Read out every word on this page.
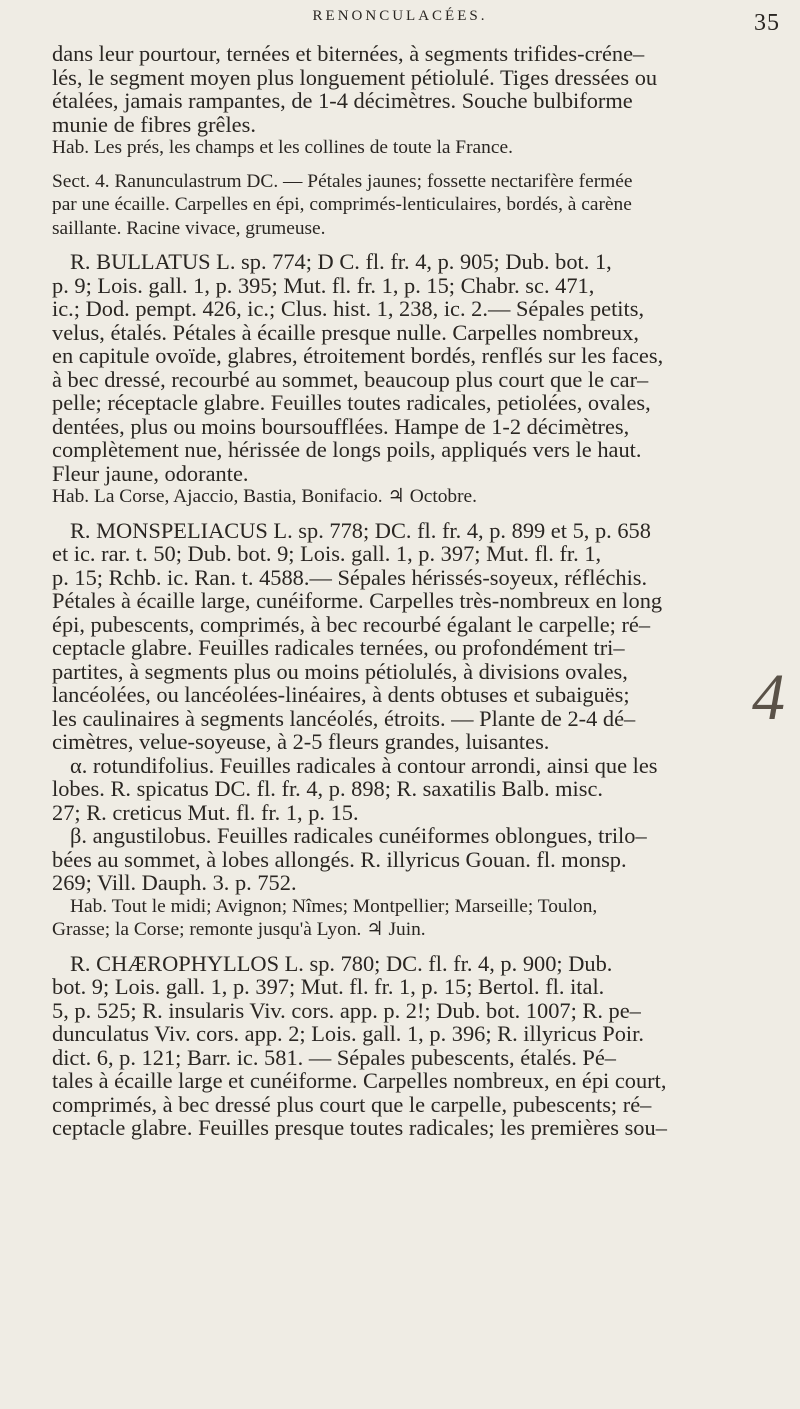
RENONCULACÉES.	35

dans leur pourtour, ternées et biternées, à segments trifides-créne–

lés, le segment moyen plus longuement pétiolulé. Tiges dressées ou

étalées, jamais rampantes, de 1-4 décimètres. Souche bulbiforme

munie de fibres grêles.

Hab. Les prés, les champs et les collines de toute la France.

Sect. 4. Ranunculastrum DC. — Pétales jaunes; fossette nectarifère fermée

par une écaille. Carpelles en épi, comprimés-lenticulaires, bordés, à carène

saillante. Racine vivace, grumeuse.

R. BULLATUS L. sp. 774; D C. fl. fr. 4, p. 905; Dub. bot. 1,

p. 9; Lois. gall. 1, p. 395; Mut. fl. fr. 1, p. 15; Chabr. sc. 471,

ic.; Dod. pempt. 426, ic.; Clus. hist. 1, 238, ic. 2.— Sépales petits,

velus, étalés. Pétales à écaille presque nulle. Carpelles nombreux,

en capitule ovoïde, glabres, étroitement bordés, renflés sur les faces,

à bec dressé, recourbé au sommet, beaucoup plus court que le car–

pelle; réceptacle glabre. Feuilles toutes radicales, petiolées, ovales,

dentées, plus ou moins boursoufflées. Hampe de 1-2 décimètres,

complètement nue, hérissée de longs poils, appliqués vers le haut.

Fleur jaune, odorante.

Hab. La Corse, Ajaccio, Bastia, Bonifacio. ♃ Octobre.

R. MONSPELIACUS L. sp. 778; DC. fl. fr. 4, p. 899 et 5, p. 658

et ic. rar. t. 50; Dub. bot. 9; Lois. gall. 1, p. 397; Mut. fl. fr. 1,

p. 15; Rchb. ic. Ran. t. 4588.— Sépales hérissés-soyeux, réfléchis.

Pétales à écaille large, cunéiforme. Carpelles très-nombreux en long

épi, pubescents, comprimés, à bec recourbé égalant le carpelle; ré–

ceptacle glabre. Feuilles radicales ternées, ou profondément tri–

partites, à segments plus ou moins pétiolulés, à divisions ovales,

lancéolées, ou lancéolées-linéaires, à dents obtuses et subaiguës;

les caulinaires à segments lancéolés, étroits. — Plante de 2-4 dé–

cimètres, velue-soyeuse, à 2-5 fleurs grandes, luisantes.

α. rotundifolius. Feuilles radicales à contour arrondi, ainsi que les

lobes. R. spicatus DC. fl. fr. 4, p. 898; R. saxatilis Balb. misc.

27; R. creticus Mut. fl. fr. 1, p. 15.

β. angustilobus. Feuilles radicales cunéiformes oblongues, trilo–

bées au sommet, à lobes allongés. R. illyricus Gouan. fl. monsp.

269; Vill. Dauph. 3. p. 752.

Hab. Tout le midi; Avignon; Nîmes; Montpellier; Marseille; Toulon,

Grasse; la Corse; remonte jusqu'à Lyon. ♃ Juin.

R. CHÆROPHYLLOS L. sp. 780; DC. fl. fr. 4, p. 900; Dub.

bot. 9; Lois. gall. 1, p. 397; Mut. fl. fr. 1, p. 15; Bertol. fl. ital.

5, p. 525; R. insularis Viv. cors. app. p. 2!; Dub. bot. 1007; R. pe–

dunculatus Viv. cors. app. 2; Lois. gall. 1, p. 396; R. illyricus Poir.

dict. 6, p. 121; Barr. ic. 581. — Sépales pubescents, étalés. Pé–

tales à écaille large et cunéiforme. Carpelles nombreux, en épi court,

comprimés, à bec dressé plus court que le carpelle, pubescents; ré–

ceptacle glabre. Feuilles presque toutes radicales; les premières sou–

4
